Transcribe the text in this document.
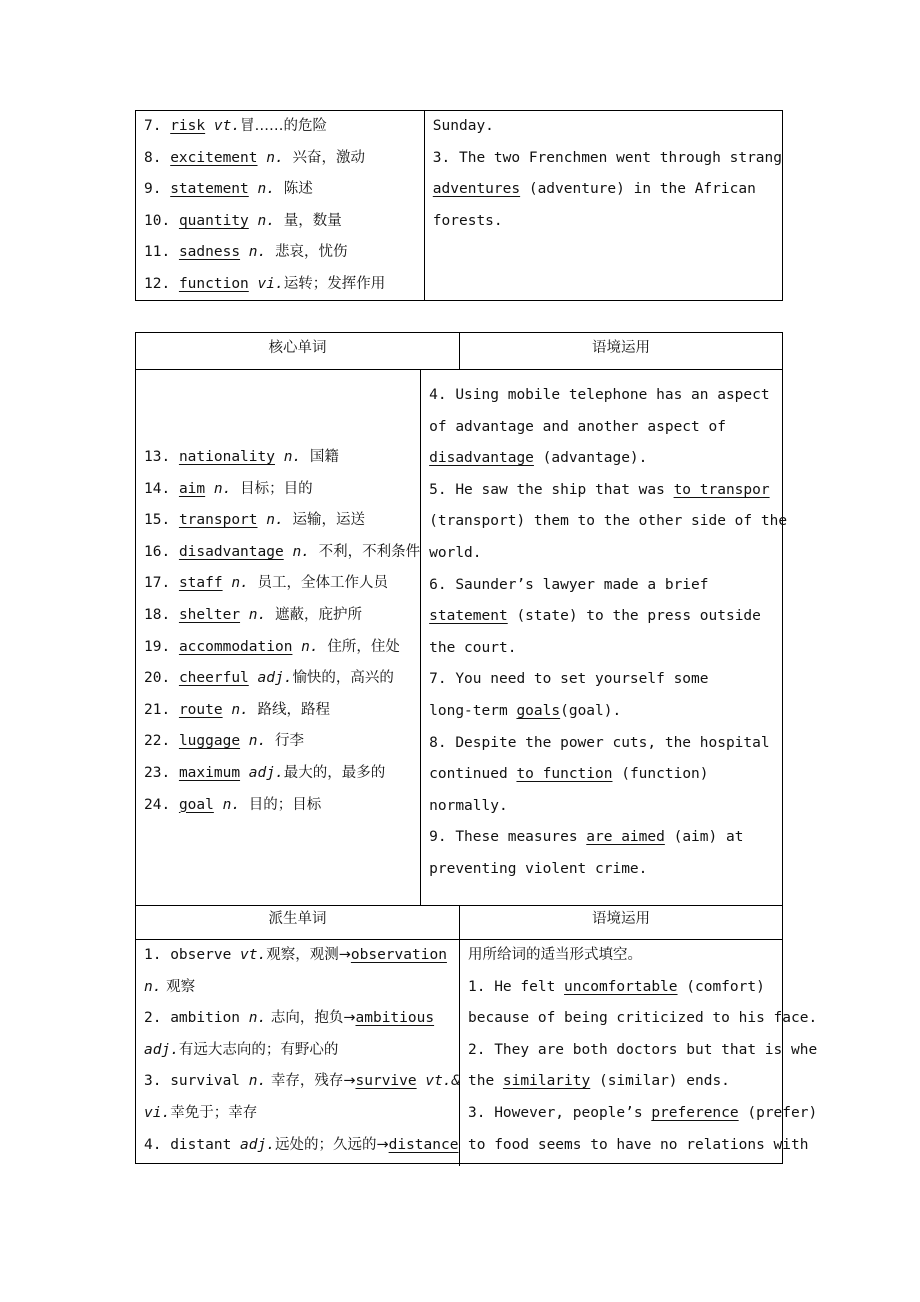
7. risk vt.冒……的危险
8. excitement n. 兴奋，激动
9. statement n. 陈述
10. quantity n. 量，数量
11. sadness n. 悲哀，忧伤
12. function vi.运转；发挥作用
Sunday.
3. The two Frenchmen went through strang
adventures (adventure) in the African
forests.
核心单词	语境运用
13. nationality n. 国籍
14. aim n. 目标；目的
15. transport n. 运输，运送
16. disadvantage n. 不利，不利条件
17. staff n. 员工，全体工作人员
18. shelter n. 遮蔽，庇护所
19. accommodation n. 住所，住处
20. cheerful adj.愉快的，高兴的
21. route n. 路线，路程
22. luggage n. 行李
23. maximum adj.最大的，最多的
24. goal n. 目的；目标
4. Using mobile telephone has an aspect
of advantage and another aspect of
disadvantage (advantage).
5. He saw the ship that was to transpor
(transport) them to the other side of the
world.
6. Saunder’s lawyer made a brief
statement (state) to the press outside
the court.
7. You need to set yourself some
long-term goals(goal).
8. Despite the power cuts, the hospital
continued to function (function)
normally.
9. These measures are aimed (aim) at
preventing violent crime.
派生单词	语境运用
1. observe vt.观察，观测→observation
n. 观察
2. ambition n. 志向，抱负→ambitious
adj.有远大志向的；有野心的
3. survival n. 幸存，残存→survive vt.&
vi.幸免于；幸存
4. distant adj.远处的；久远的→distance
用所给词的适当形式填空。
1. He felt uncomfortable (comfort)
because of being criticized to his face.
2. They are both doctors but that is whe
the similarity (similar) ends.
3. However, people’s preference (prefer)
to food seems to have no relations with
